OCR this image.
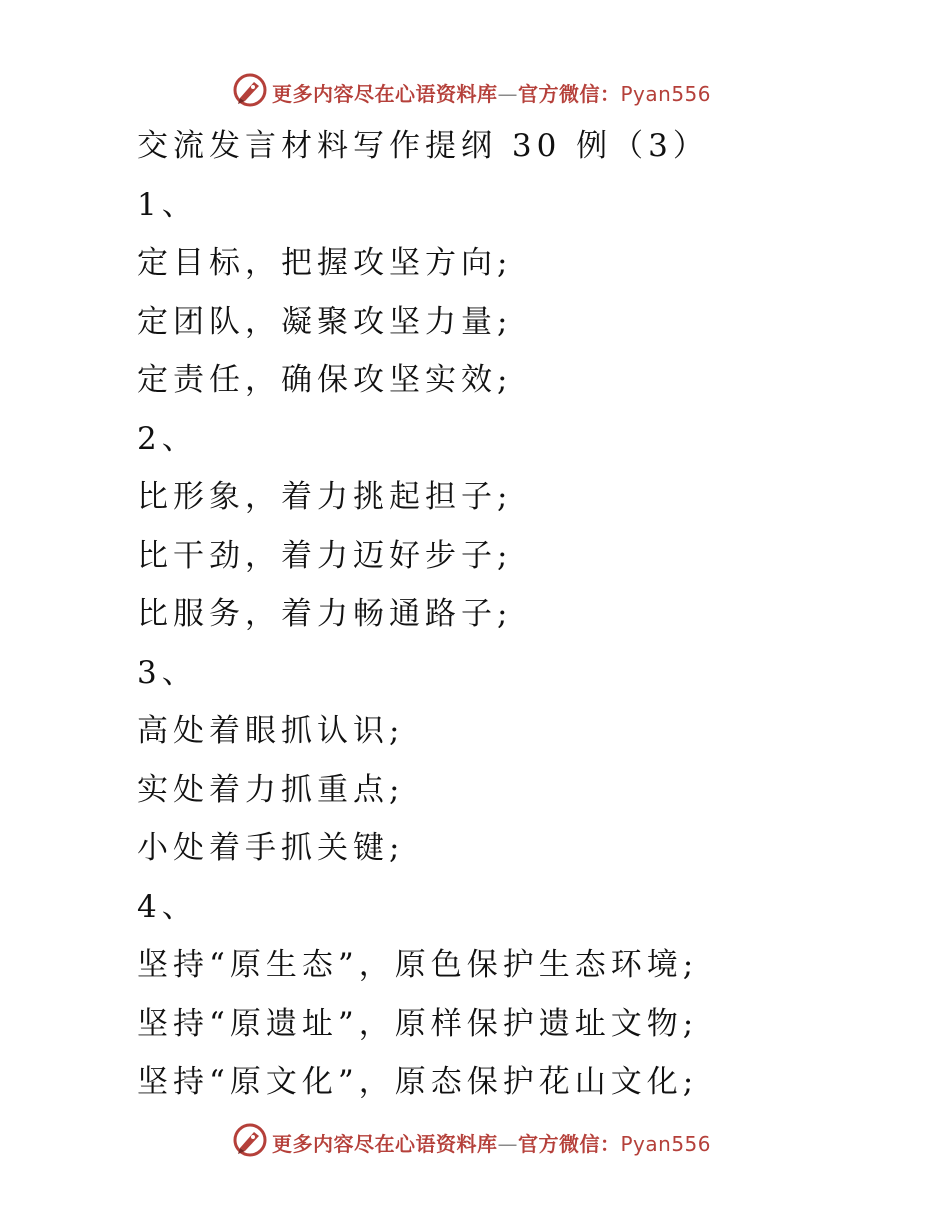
更多内容尽在心语资料库—官方微信：Pyan556
交流发言材料写作提纲 30 例（3）
1、
定目标，把握攻坚方向;
定团队，凝聚攻坚力量;
定责任，确保攻坚实效;
2、
比形象，着力挑起担子;
比干劲，着力迈好步子;
比服务，着力畅通路子;
3、
高处着眼抓认识;
实处着力抓重点;
小处着手抓关键;
4、
坚持“原生态”，原色保护生态环境;
坚持“原遗址”，原样保护遗址文物;
坚持“原文化”，原态保护花山文化;
更多内容尽在心语资料库—官方微信：Pyan556
